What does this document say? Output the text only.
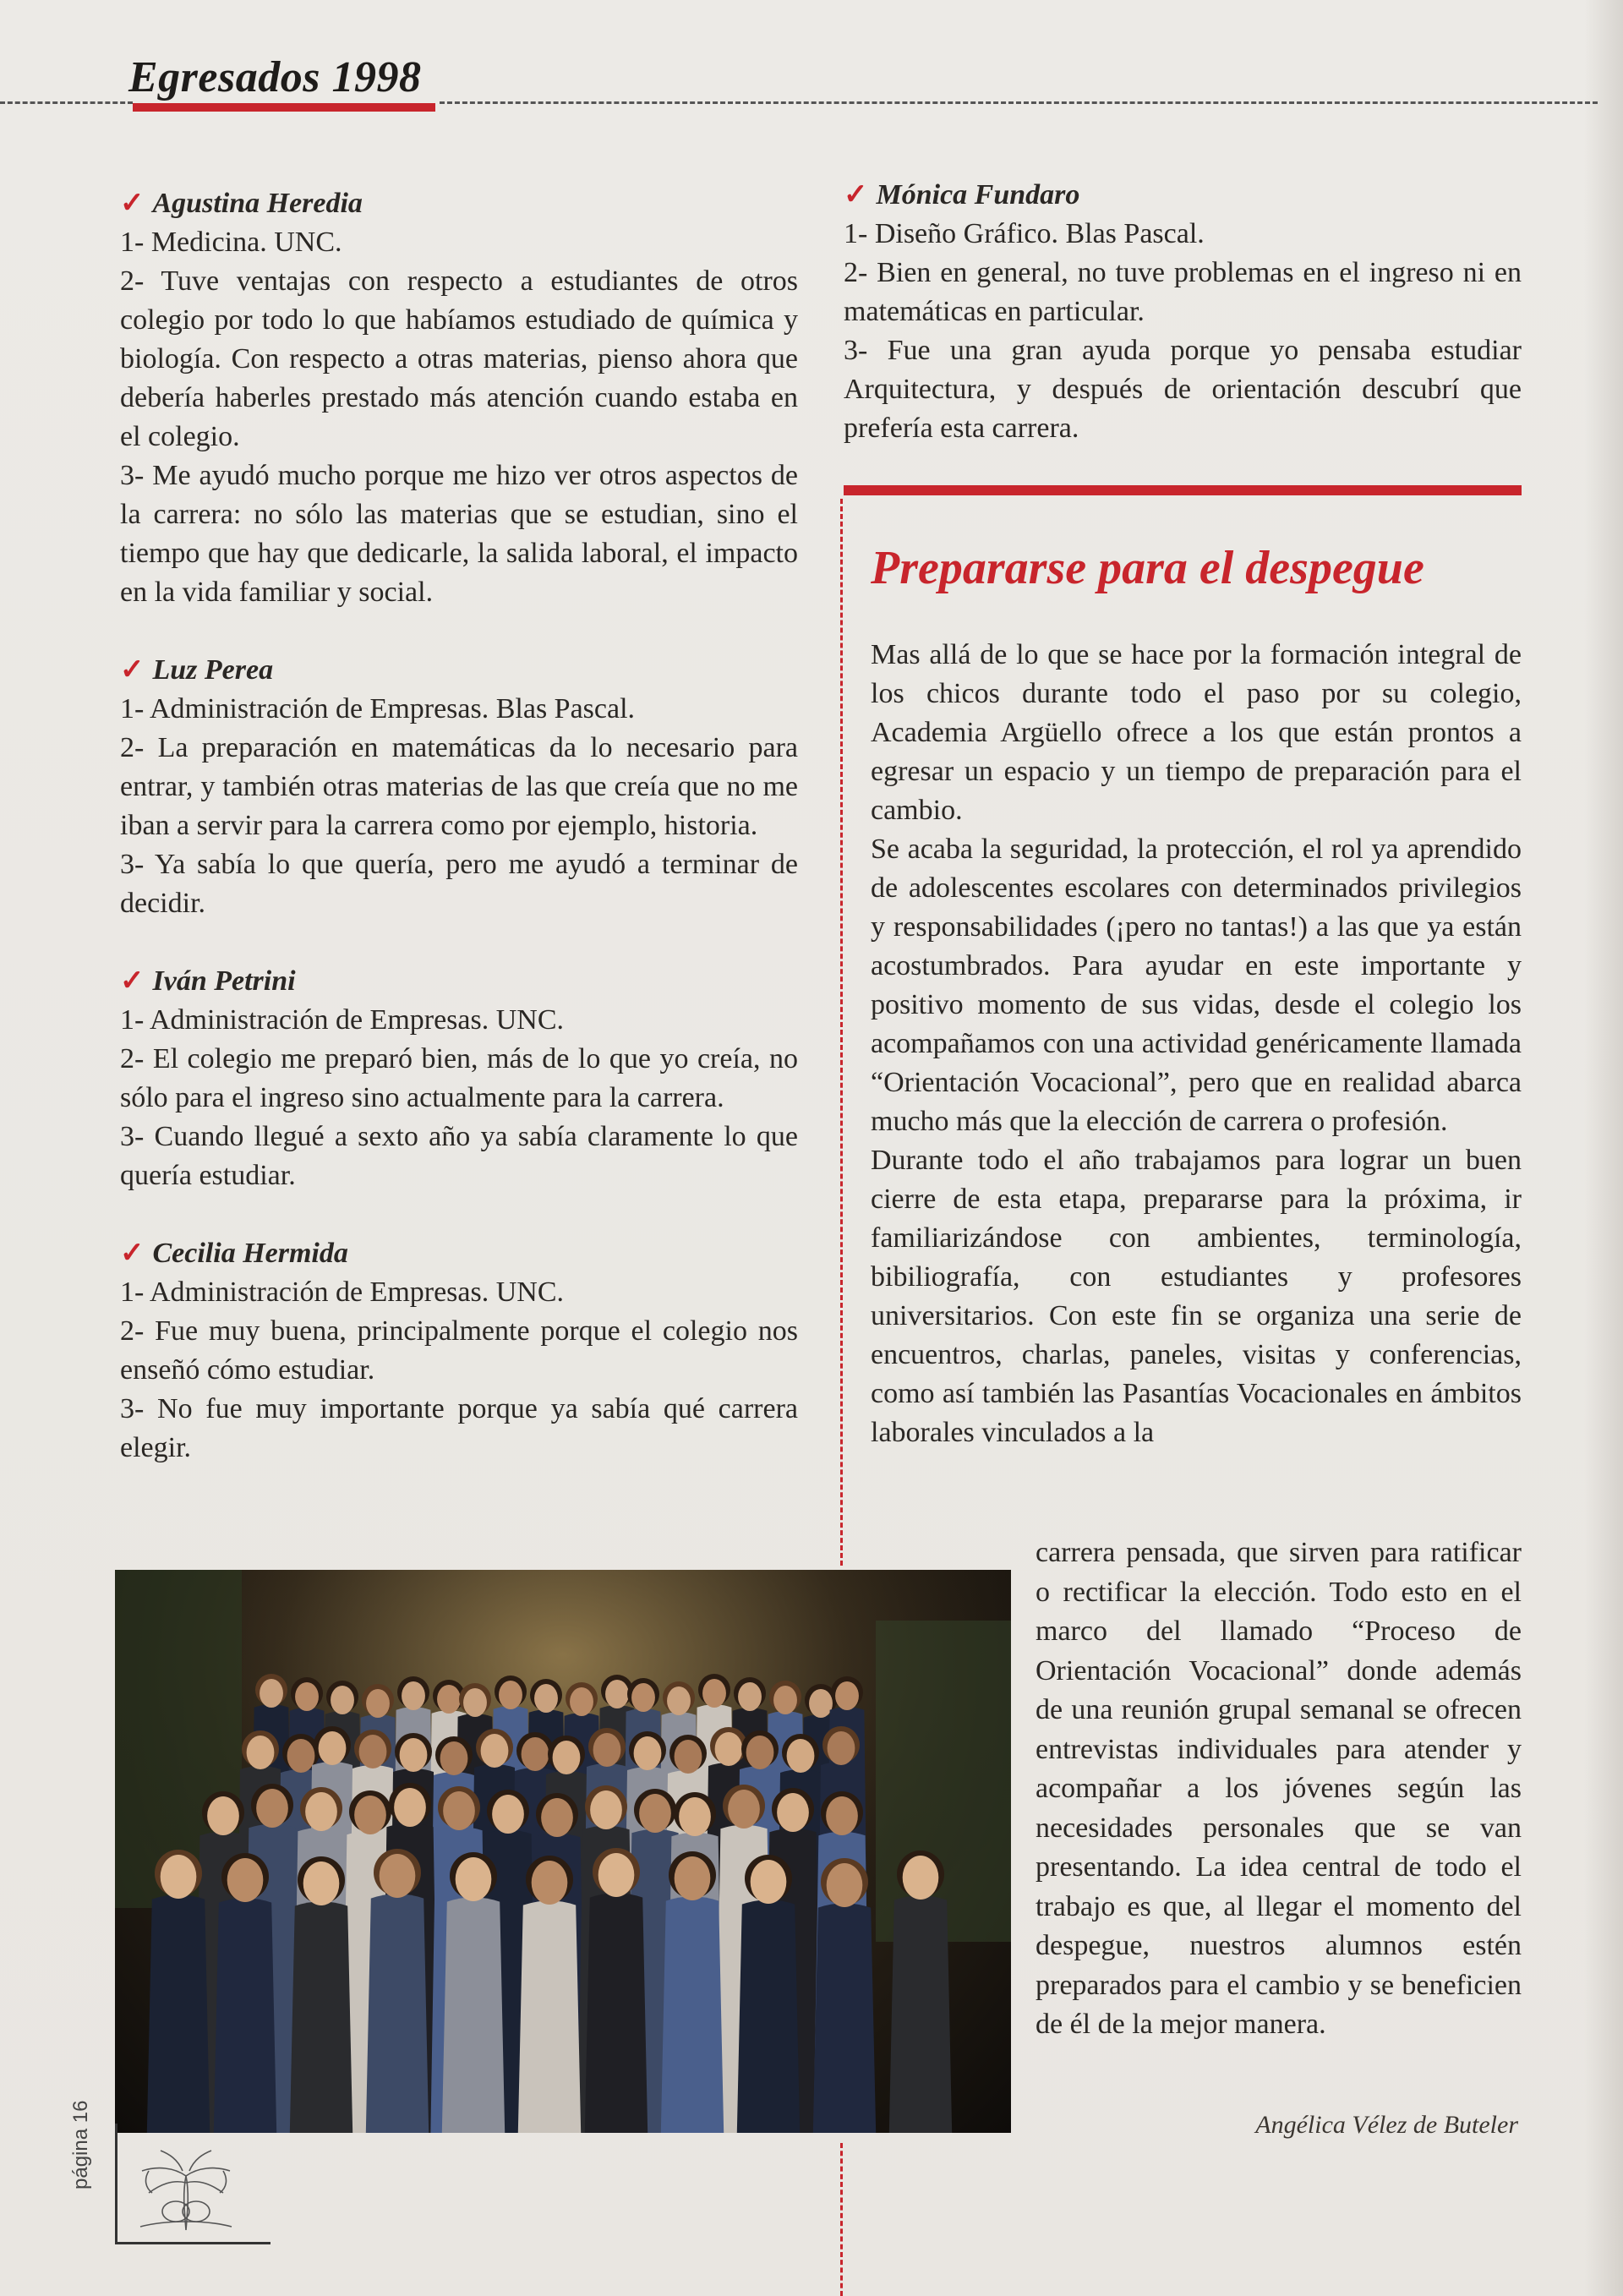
Egresados 1998
✓ Agustina Heredia

1- Medicina. UNC.

2- Tuve ventajas con respecto a estudiantes de otros colegio por todo lo que habíamos estudiado de química y biología. Con respecto a otras materias, pienso ahora que debería haberles prestado más atención cuando estaba en el colegio.

3- Me ayudó mucho porque me hizo ver otros aspectos de la carrera: no sólo las materias que se estudian, sino el tiempo que hay que dedicarle, la salida laboral, el impacto en la vida familiar y social.

✓ Luz Perea

1- Administración de Empresas. Blas Pascal.

2- La preparación en matemáticas da lo necesario para entrar, y también otras materias de las que creía que no me iban a servir para la carrera como por ejemplo, historia.

3- Ya sabía lo que quería, pero me ayudó a terminar de decidir.

✓ Iván Petrini

1- Administración de Empresas. UNC.

2- El colegio me preparó bien, más de lo que yo creía, no sólo para el ingreso sino actualmente para la carrera.

3- Cuando llegué a sexto año ya sabía claramente lo que quería estudiar.

✓ Cecilia Hermida

1- Administración de Empresas. UNC.

2- Fue muy buena, principalmente porque el colegio nos enseñó cómo estudiar.

3- No fue muy importante porque ya sabía qué carrera elegir.

✓ Mónica Fundaro

1- Diseño Gráfico. Blas Pascal.

2- Bien en general, no tuve problemas en el ingreso ni en matemáticas en particular.

3- Fue una gran ayuda porque yo pensaba estudiar Arquitectura, y después de orientación descubrí que prefería esta carrera.

Prepararse para el despegue

Mas allá de lo que se hace por la formación integral de los chicos durante todo el paso por su colegio, Academia Argüello ofrece a los que están prontos a egresar un espacio y un tiempo de preparación para el cambio.

Se acaba la seguridad, la protección, el rol ya aprendido de adolescentes escolares con determinados privilegios y responsabilidades (¡pero no tantas!) a las que ya están acostumbrados. Para ayudar en este importante y positivo momento de sus vidas, desde el colegio los acompañamos con una actividad genéricamente llamada “Orientación Vocacional”, pero que en realidad abarca mucho más que la elección de carrera o profesión.

Durante todo el año trabajamos para lograr un buen cierre de esta etapa, prepararse para la próxima, ir familiarizándose con ambientes, terminología, bibiliografía, con estudiantes y profesores universitarios. Con este fin se organiza una serie de encuentros, charlas, paneles, visitas y conferencias, como así también las Pasantías Vocacionales en ámbitos laborales vinculados a la

carrera pensada, que sirven para ratificar o rectificar la elección. Todo esto en el marco del llamado “Proceso de Orientación Vocacional” donde además de una reunión grupal semanal se ofrecen entrevistas individuales para atender y acompañar a los jóvenes según las necesidades personales que se van presentando. La idea central de todo el trabajo es que, al llegar el momento del despegue, nuestros alumnos estén preparados para el cambio y se beneficien de él de la mejor manera.

Angélica Vélez de Buteler
página 16
